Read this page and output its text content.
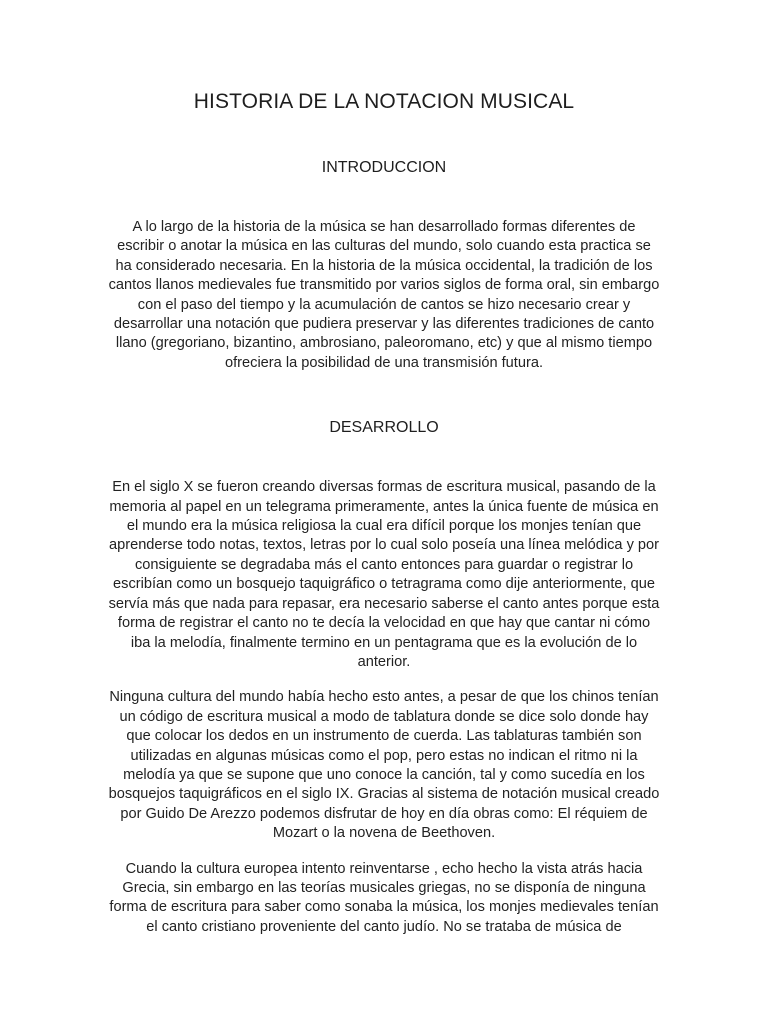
HISTORIA DE LA NOTACION MUSICAL
INTRODUCCION

A lo largo de la historia de la música se han desarrollado formas diferentes de escribir o anotar la música en las culturas del mundo, solo cuando esta practica se ha considerado necesaria. En la historia de la música occidental, la tradición de los cantos llanos medievales fue transmitido por varios siglos de forma oral, sin embargo con el paso del tiempo y la acumulación de cantos se hizo necesario crear y desarrollar una notación que pudiera preservar y las diferentes tradiciones de canto llano (gregoriano, bizantino, ambrosiano, paleoromano, etc) y que al mismo tiempo ofreciera la posibilidad de una transmisión futura.

DESARROLLO

En el siglo X se fueron creando diversas formas de escritura musical, pasando de la memoria al papel en un telegrama primeramente, antes la única fuente de música en el mundo era la música religiosa la cual era difícil porque los monjes tenían que aprenderse todo notas, textos, letras por lo cual solo poseía una línea melódica y por consiguiente se degradaba más el canto entonces para guardar o registrar lo escribían como un bosquejo taquigráfico o tetragrama como dije anteriormente, que servía más que nada para repasar, era necesario saberse el canto antes porque esta forma de registrar el canto no te decía la velocidad en que hay que cantar ni cómo iba la melodía, finalmente termino en un pentagrama que es la evolución de lo anterior.

Ninguna cultura del mundo había hecho esto antes, a pesar de que los chinos tenían un código de escritura musical a modo de tablatura donde se dice solo donde hay que colocar los dedos en un instrumento de cuerda. Las tablaturas también son utilizadas en algunas músicas como el pop, pero estas no indican el ritmo ni la melodía ya que se supone que uno conoce la canción, tal y como sucedía en los bosquejos taquigráficos en el siglo IX. Gracias al sistema de notación musical creado por Guido De Arezzo podemos disfrutar de hoy en día obras como: El réquiem de Mozart o la novena de Beethoven.

Cuando la cultura europea intento reinventarse , echo hecho la vista atrás hacia Grecia, sin embargo en las teorías musicales griegas, no se disponía de ninguna forma de escritura para saber como sonaba la música, los monjes medievales tenían el canto cristiano proveniente del canto judío. No se trataba de música de
